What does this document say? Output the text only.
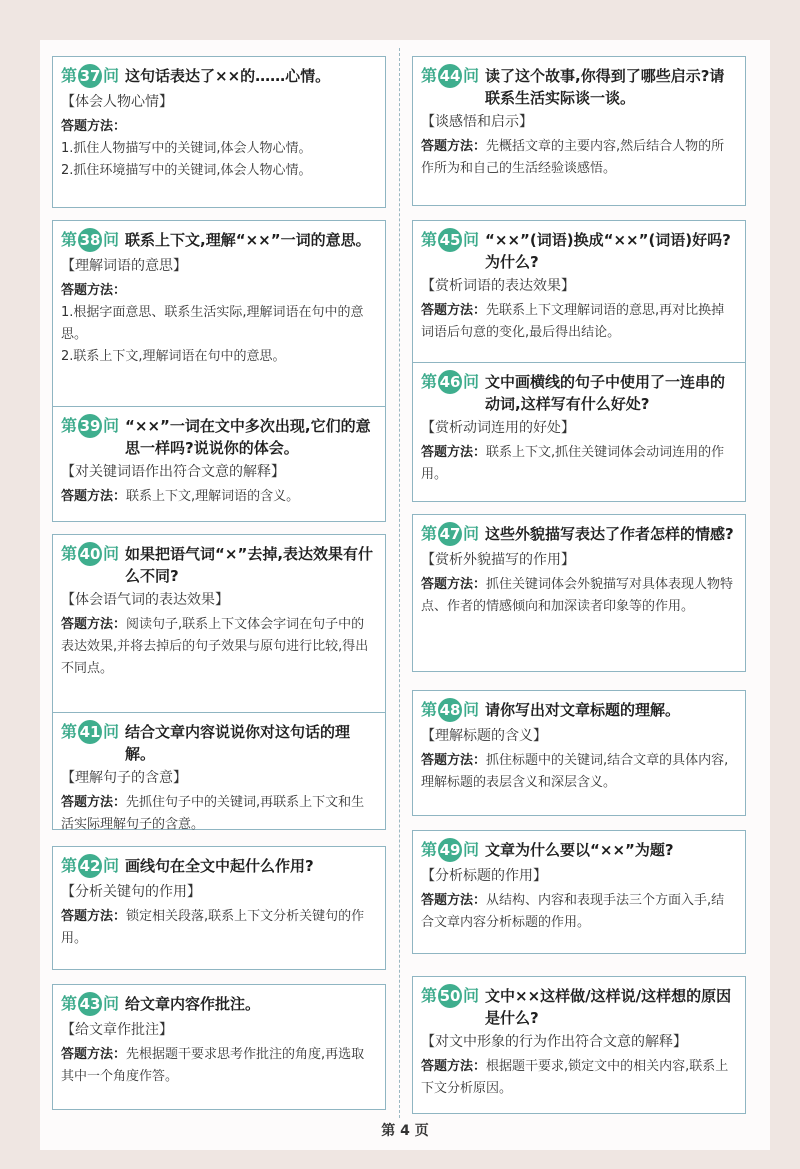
第 37 问 这句话表达了××的……心情。
【体会人物心情】
答题方法：
1.抓住人物描写中的关键词,体会人物心情。
2.抓住环境描写中的关键词,体会人物心情。
第 38 问 联系上下文,理解“××”一词的意思。
【理解词语的意思】
答题方法：
1.根据字面意思、联系生活实际,理解词语在句中的意思。
2.联系上下文,理解词语在句中的意思。
第 39 问 “××”一词在文中多次出现,它们的意思一样吗?说说你的体会。
【对关键词语作出符合文意的解释】
答题方法：联系上下文,理解词语的含义。
第 40 问 如果把语气词“×”去掉,表达效果有什么不同?
【体会语气词的表达效果】
答题方法：阅读句子,联系上下文体会字词在句子中的表达效果,并将去掉后的句子效果与原句进行比较,得出不同点。
第 41 问 结合文章内容说说你对这句话的理解。
【理解句子的含意】
答题方法：先抓住句子中的关键词,再联系上下文和生活实际理解句子的含意。
第 42 问 画线句在全文中起什么作用?
【分析关键句的作用】
答题方法：锁定相关段落,联系上下文分析关键句的作用。
第 43 问 给文章内容作批注。
【给文章作批注】
答题方法：先根据题干要求思考作批注的角度,再选取其中一个角度作答。
第 44 问 读了这个故事,你得到了哪些启示?请联系生活实际谈一谈。
【谈感悟和启示】
答题方法：先概括文章的主要内容,然后结合人物的所作所为和自己的生活经验谈感悟。
第 45 问 “××”(词语)换成“××”(词语)好吗?为什么?
【赏析词语的表达效果】
答题方法：先联系上下文理解词语的意思,再对比换掉词语后句意的变化,最后得出结论。
第 46 问 文中画横线的句子中使用了一连串的动词,这样写有什么好处?
【赏析动词连用的好处】
答题方法：联系上下文,抓住关键词体会动词连用的作用。
第 47 问 这些外貌描写表达了作者怎样的情感?
【赏析外貌描写的作用】
答题方法：抓住关键词体会外貌描写对具体表现人物特点、作者的情感倾向和加深读者印象等的作用。
第 48 问 请你写出对文章标题的理解。
【理解标题的含义】
答题方法：抓住标题中的关键词,结合文章的具体内容,理解标题的表层含义和深层含义。
第 49 问 文章为什么要以“××”为题?
【分析标题的作用】
答题方法：从结构、内容和表现手法三个方面入手,结合文章内容分析标题的作用。
第 50 问 文中××这样做/这样说/这样想的原因是什么?
【对文中形象的行为作出符合文意的解释】
答题方法：根据题干要求,锁定文中的相关内容,联系上下文分析原因。
第 4 页
